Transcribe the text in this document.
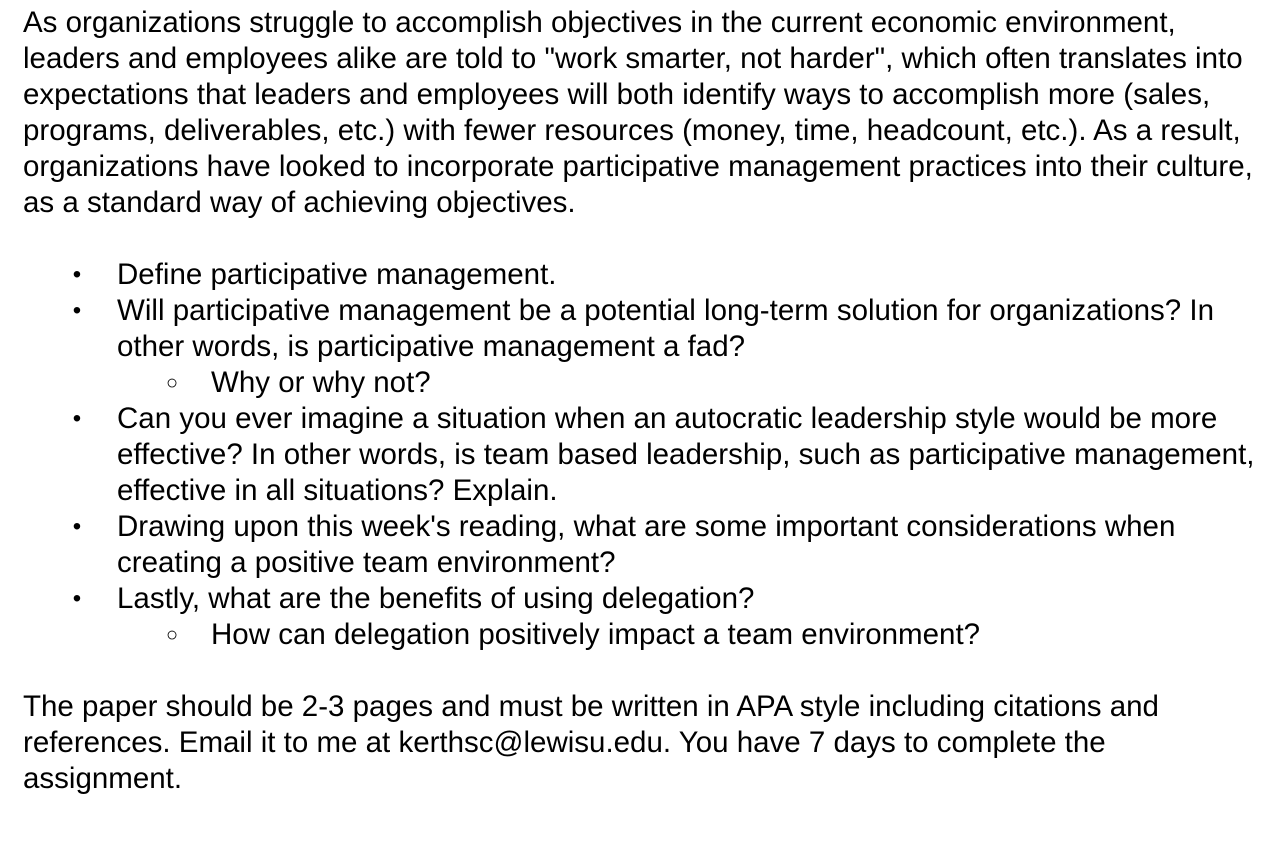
As organizations struggle to accomplish objectives in the current economic environment, leaders and employees alike are told to "work smarter, not harder", which often translates into expectations that leaders and employees will both identify ways to accomplish more (sales, programs, deliverables, etc.) with fewer resources (money, time, headcount, etc.). As a result, organizations have looked to incorporate participative management practices into their culture, as a standard way of achieving objectives.

• Define participative management.
• Will participative management be a potential long-term solution for organizations? In other words, is participative management a fad?
○ Why or why not?
• Can you ever imagine a situation when an autocratic leadership style would be more effective? In other words, is team based leadership, such as participative management, effective in all situations? Explain.
• Drawing upon this week's reading, what are some important considerations when creating a positive team environment?
• Lastly, what are the benefits of using delegation?
○ How can delegation positively impact a team environment?

The paper should be 2-3 pages and must be written in APA style including citations and references. Email it to me at kerthsc@lewisu.edu. You have 7 days to complete the assignment.
